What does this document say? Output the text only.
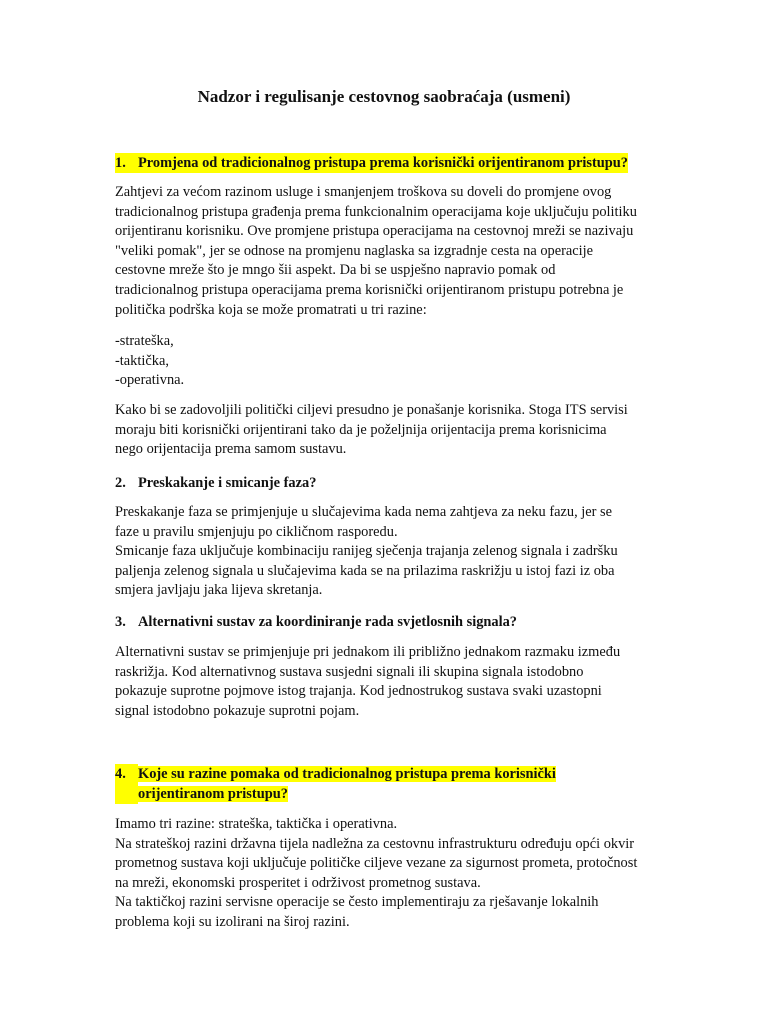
Nadzor i regulisanje cestovnog saobraćaja (usmeni)
1. Promjena od tradicionalnog pristupa prema korisnički orijentiranom pristupu?
Zahtjevi za većom razinom usluge i smanjenjem troškova su doveli do promjene ovog
tradicionalnog pristupa građenja prema funkcionalnim operacijama koje uključuju politiku
orijentiranu korisniku. Ove promjene pristupa operacijama na cestovnoj mreži se nazivaju
"veliki pomak", jer se odnose na promjenu naglaska sa izgradnje cesta na operacije
cestovne mreže što je mngo šii aspekt. Da bi se uspješno napravio pomak od
tradicionalnog pristupa operacijama prema korisnički orijentiranom pristupu potrebna je
politička podrška koja se može promatrati u tri razine:
-strateška,
-taktička,
-operativna.
Kako bi se zadovoljili politički ciljevi presudno je ponašanje korisnika. Stoga ITS servisi
moraju biti korisnički orijentirani tako da je poželjnija orijentacija prema korisnicima
nego orijentacija prema samom sustavu.
2. Preskakanje i smicanje faza?
Preskakanje faza se primjenjuje u slučajevima kada nema zahtjeva za neku fazu, jer se
faze u pravilu smjenjuju po cikličnom rasporedu.
Smicanje faza uključuje kombinaciju ranijeg sječenja trajanja zelenog signala i zadršku
paljenja zelenog signala u slučajevima kada se na prilazima raskrižju u istoj fazi iz oba
smjera javljaju jaka lijeva skretanja.
3. Alternativni sustav za koordiniranje rada svjetlosnih signala?
Alternativni sustav se primjenjuje pri jednakom ili približno jednakom razmaku između
raskrižja. Kod alternativnog sustava susjedni signali ili skupina signala istodobno
pokazuje suprotne pojmove istog trajanja. Kod jednostrukog sustava svaki uzastopni
signal istodobno pokazuje suprotni pojam.
4. Koje su razine pomaka od tradicionalnog pristupa prema korisnički
orijentiranom pristupu?
Imamo tri razine: strateška, taktička i operativna.
Na strateškoj razini državna tijela nadležna za cestovnu infrastrukturu određuju opći okvir
prometnog sustava koji uključuje političke ciljeve vezane za sigurnost prometa, protočnost
na mreži, ekonomski prosperitet i održivost prometnog sustava.
Na taktičkoj razini servisne operacije se često implementiraju za rješavanje lokalnih
problema koji su izolirani na široj razini.
